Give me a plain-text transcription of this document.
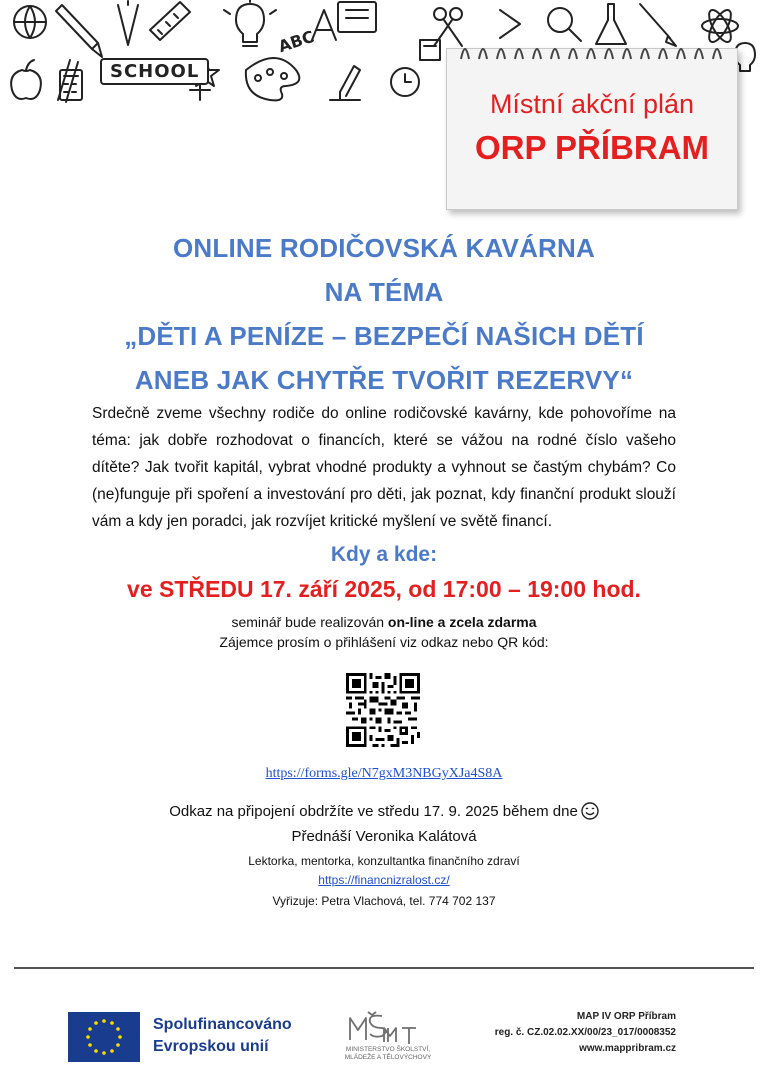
SCHOOL
ABC
Místní akční plán
ORP PŘÍBRAM
ONLINE RODIČOVSKÁ KAVÁRNA
NA TÉMA
„DĚTI A PENÍZE – BEZPEČÍ NAŠICH DĚTÍ
ANEB JAK CHYTŘE TVOŘIT REZERVY“
Srdečně zveme všechny rodiče do online rodičovské kavárny, kde pohovoříme na téma: jak dobře rozhodovat o financích, které se vážou na rodné číslo vašeho dítěte? Jak tvořit kapitál, vybrat vhodné produkty a vyhnout se častým chybám? Co (ne)funguje při spoření a investování pro děti, jak poznat, kdy finanční produkt slouží vám a kdy jen poradci, jak rozvíjet kritické myšlení ve světě financí.
Kdy a kde:
ve STŘEDU 17. září 2025, od 17:00 – 19:00 hod.
seminář bude realizován on-line a zcela zdarma
Zájemce prosím o přihlášení viz odkaz nebo QR kód:
https://forms.gle/N7gxM3NBGyXJa4S8A
Odkaz na připojení obdržíte ve středu 17. 9. 2025 během dne
Přednáší Veronika Kalátová
Lektorka, mentorka, konzultantka finančního zdraví
https://financnizralost.cz/
Vyřizuje: Petra Vlachová, tel. 774 702 137
Spolufinancováno
Evropskou unií	MINISTERSTVO ŠKOLSTVÍ,
MLÁDEŽE A TĚLOVÝCHOVY
MAP IV ORP Příbram
reg. č. CZ.02.02.XX/00/23_017/0008352
www.mappribram.cz
